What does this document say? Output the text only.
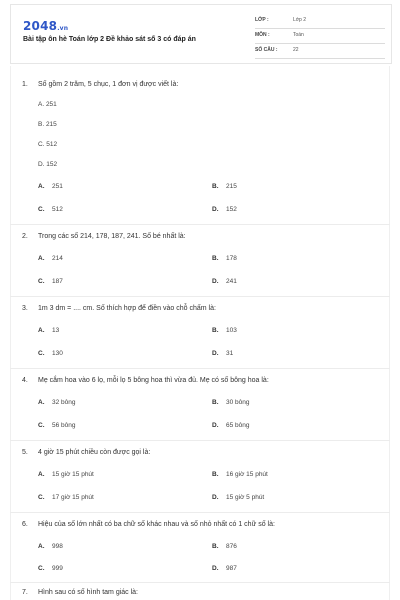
2048.vn
Bài tập ôn hè Toán lớp 2 Đề khảo sát số 3 có đáp án
LỚP :	Lớp 2
MÔN :	Toán
SỐ CÂU :	22
1. Số gồm 2 trăm, 5 chục, 1 đơn vị được viết là:
A. 251
B. 215
C. 512
D. 152
A. 251	B. 215
C. 512	D. 152
2. Trong các số 214, 178, 187, 241. Số bé nhất là:
A. 214	B. 178
C. 187	D. 241
3. 1m 3 dm = .... cm. Số thích hợp để điền vào chỗ chấm là:
A. 13	B. 103
C. 130	D. 31
4. Mẹ cắm hoa vào 6 lọ, mỗi lọ 5 bông hoa thì vừa đủ. Mẹ có số bông hoa là:
A. 32 bông	B. 30 bông
C. 56 bông	D. 65 bông
5. 4 giờ 15 phút chiều còn được gọi là:
A. 15 giờ 15 phút	B. 16 giờ 15 phút
C. 17 giờ 15 phút	D. 15 giờ 5 phút
6. Hiệu của số lớn nhất có ba chữ số khác nhau và số nhỏ nhất có 1 chữ số là:
A. 998	B. 876
C. 999	D. 987
7. Hình sau có số hình tam giác là:
